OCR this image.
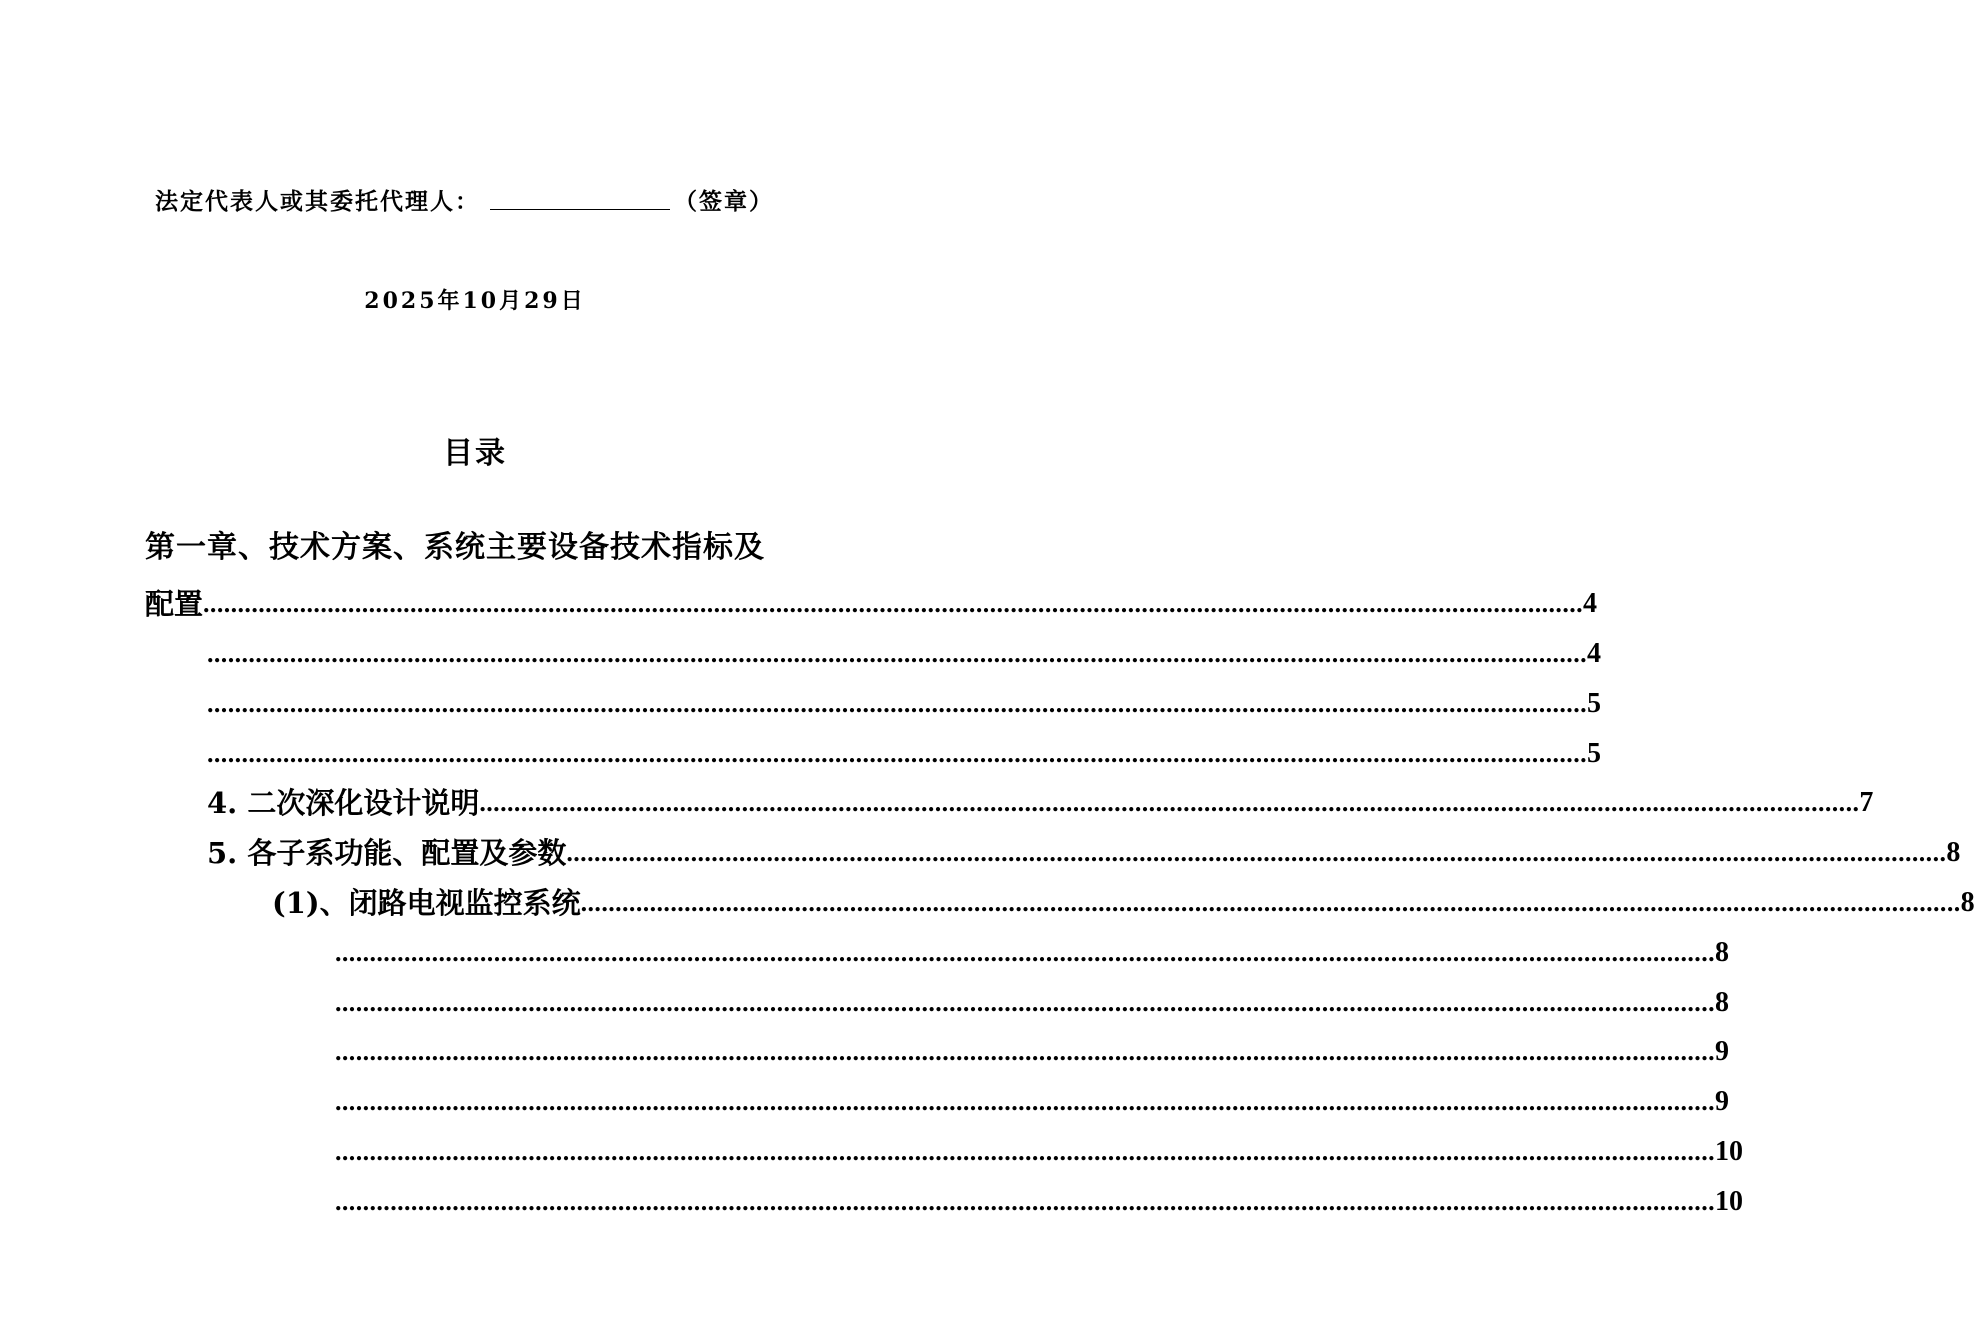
法定代表人或其委托代理人：	（签章）
2025年10月29日
目录
第一章、技术方案、系统主要设备技术指标及
配置 ........................................................................................................................................................................................................ 4
........................................................................................................................................................................................................ 4
........................................................................................................................................................................................................ 5
........................................................................................................................................................................................................ 5
4. 二次深化设计说明 ........................................................................................................................................................................................................ 7
5. 各子系功能、配置及参数 ........................................................................................................................................................................................................ 8
(1)、闭路电视监控系统 ........................................................................................................................................................................................................ 8
........................................................................................................................................................................................................ 8
........................................................................................................................................................................................................ 8
........................................................................................................................................................................................................ 9
........................................................................................................................................................................................................ 9
........................................................................................................................................................................................................ 10
........................................................................................................................................................................................................ 10
